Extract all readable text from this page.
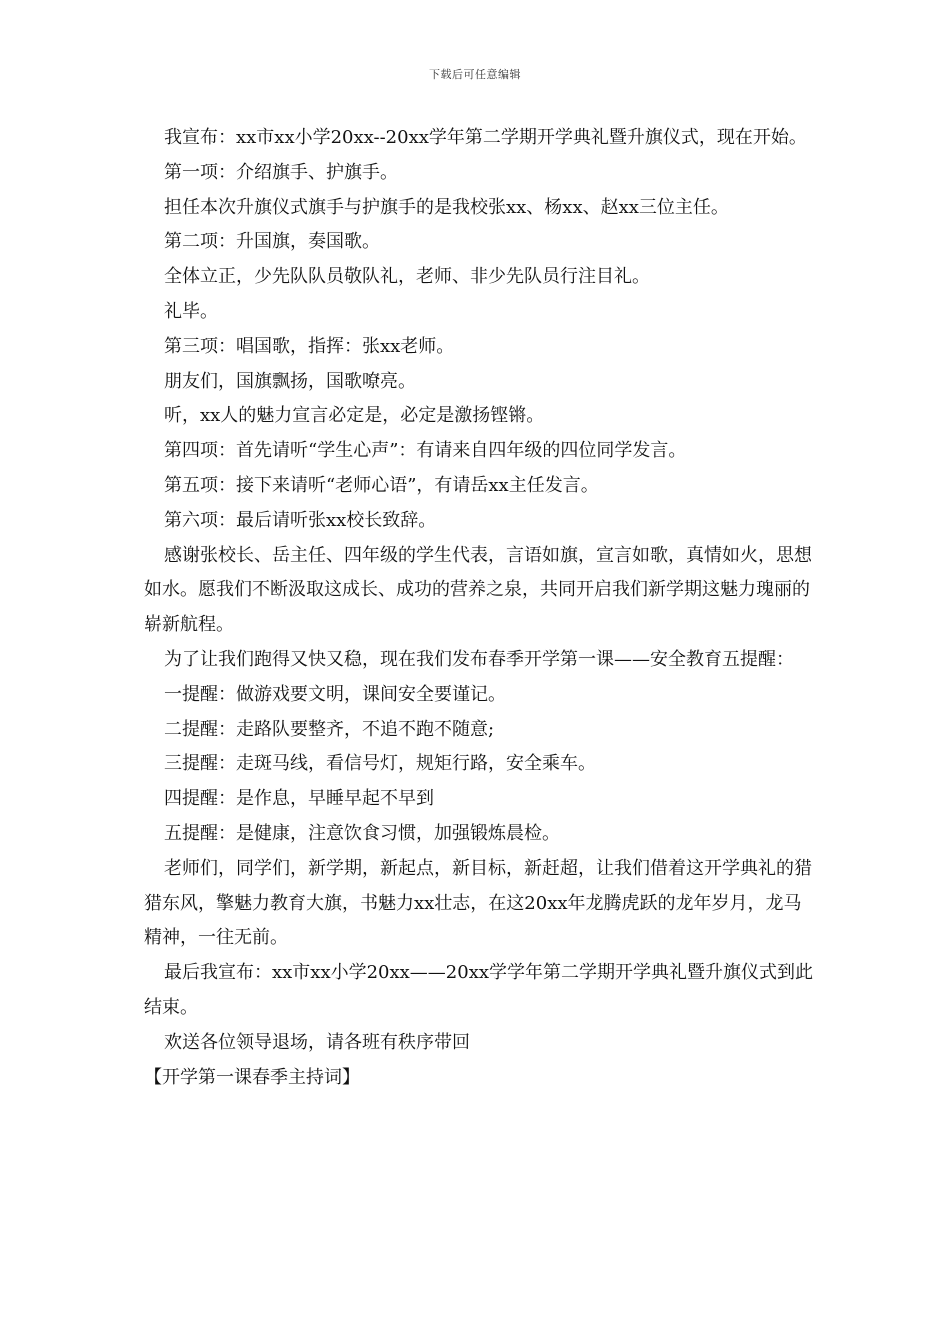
下载后可任意编辑

我宣布：xx市xx小学20xx--20xx学年第二学期开学典礼暨升旗仪式，现在开始。

第一项：介绍旗手、护旗手。

担任本次升旗仪式旗手与护旗手的是我校张xx、杨xx、赵xx三位主任。

第二项：升国旗，奏国歌。

全体立正，少先队队员敬队礼，老师、非少先队员行注目礼。

礼毕。

第三项：唱国歌，指挥：张xx老师。

朋友们，国旗飘扬，国歌嘹亮。

听，xx人的魅力宣言必定是，必定是激扬铿锵。

第四项：首先请听“学生心声”：有请来自四年级的四位同学发言。

第五项：接下来请听“老师心语”，有请岳xx主任发言。

第六项：最后请听张xx校长致辞。

感谢张校长、岳主任、四年级的学生代表，言语如旗，宣言如歌，真情如火，思想如水。愿我们不断汲取这成长、成功的营养之泉，共同开启我们新学期这魅力瑰丽的崭新航程。

为了让我们跑得又快又稳，现在我们发布春季开学第一课——安全教育五提醒：

一提醒：做游戏要文明，课间安全要谨记。

二提醒：走路队要整齐，不追不跑不随意;

三提醒：走斑马线，看信号灯，规矩行路，安全乘车。

四提醒：是作息，早睡早起不早到

五提醒：是健康，注意饮食习惯，加强锻炼晨检。

老师们，同学们，新学期，新起点，新目标，新赶超，让我们借着这开学典礼的猎猎东风，擎魅力教育大旗，书魅力xx壮志，在这20xx年龙腾虎跃的龙年岁月，龙马精神，一往无前。

最后我宣布：xx市xx小学20xx——20xx学学年第二学期开学典礼暨升旗仪式到此结束。

欢送各位领导退场，请各班有秩序带回

【开学第一课春季主持词】
